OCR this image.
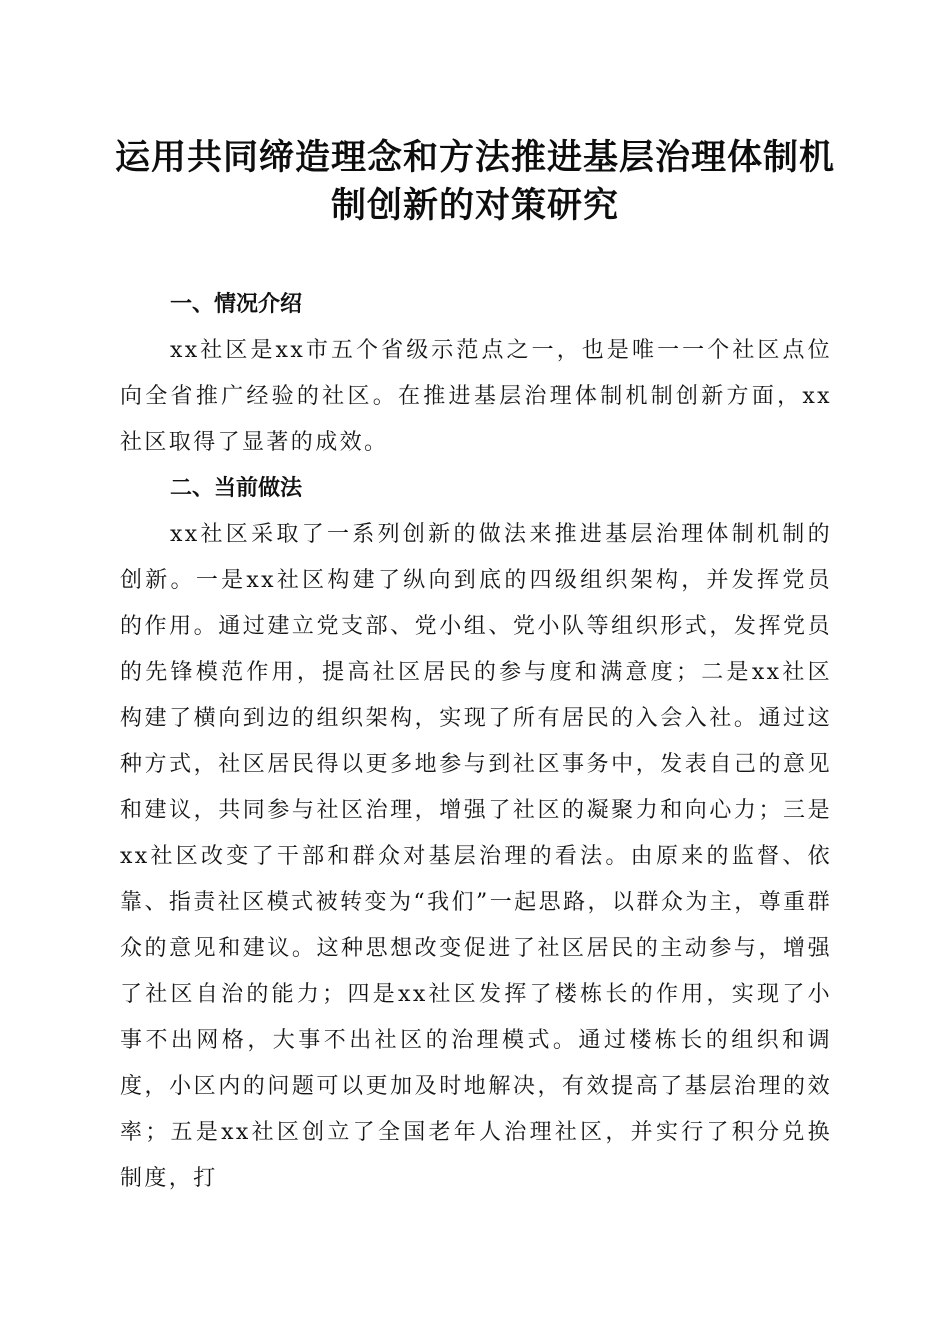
运用共同缔造理念和方法推进基层治理体制机制创新的对策研究
一、情况介绍

xx社区是xx市五个省级示范点之一，也是唯一一个社区点位向全省推广经验的社区。在推进基层治理体制机制创新方面，xx社区取得了显著的成效。

二、当前做法

xx社区采取了一系列创新的做法来推进基层治理体制机制的创新。一是xx社区构建了纵向到底的四级组织架构，并发挥党员的作用。通过建立党支部、党小组、党小队等组织形式，发挥党员的先锋模范作用，提高社区居民的参与度和满意度；二是xx社区构建了横向到边的组织架构，实现了所有居民的入会入社。通过这种方式，社区居民得以更多地参与到社区事务中，发表自己的意见和建议，共同参与社区治理，增强了社区的凝聚力和向心力；三是xx社区改变了干部和群众对基层治理的看法。由原来的监督、依靠、指责社区模式被转变为“我们”一起思路，以群众为主，尊重群众的意见和建议。这种思想改变促进了社区居民的主动参与，增强了社区自治的能力；四是xx社区发挥了楼栋长的作用，实现了小事不出网格，大事不出社区的治理模式。通过楼栋长的组织和调度，小区内的问题可以更加及时地解决，有效提高了基层治理的效率；五是xx社区创立了全国老年人治理社区，并实行了积分兑换制度，打
